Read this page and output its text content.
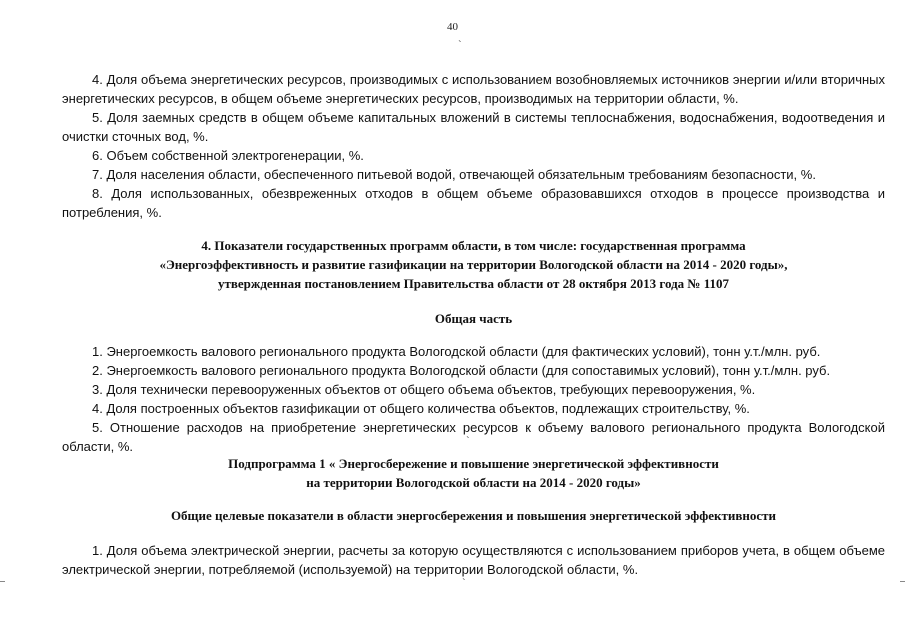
40
`

4. Доля объема энергетических ресурсов, производимых с использованием возобновляемых источников энергии и/или вторичных энергетических ресурсов, в общем объеме энергетических ресурсов, производимых на территории области, %.

5. Доля заемных средств в общем объеме капитальных вложений в системы теплоснабжения, водоснабжения, водоотведения и очистки сточных вод, %.

6. Объем собственной электрогенерации, %.

7. Доля населения области, обеспеченного питьевой водой, отвечающей обязательным требованиям безопасности, %.

8. Доля использованных, обезвреженных отходов в общем объеме образовавшихся отходов в процессе производства и потребления, %.

4. Показатели государственных программ области, в том числе: государственная программа
«Энергоэффективность и развитие газификации на территории Вологодской области на 2014 - 2020 годы»,
утвержденная постановлением Правительства области от 28 октября 2013 года № 1107
Общая часть

1. Энергоемкость валового регионального продукта Вологодской области (для фактических условий), тонн у.т./млн. руб.

2. Энергоемкость валового регионального продукта Вологодской области (для сопоставимых условий), тонн у.т./млн. руб.

3. Доля технически перевооруженных объектов от общего объема объектов, требующих перевооружения, %.

4. Доля построенных объектов газификации от общего количества объектов, подлежащих строительству, %.

5. Отношение расходов на приобретение энергетических ресурсов к объему валового регионального продукта Вологодской области, %.	`
Подпрограмма 1 « Энергосбережение и повышение энергетической эффективности
на территории Вологодской области на 2014 - 2020 годы»
Общие целевые показатели в области энергосбережения и повышения энергетической эффективности

1. Доля объема электрической энергии, расчеты за которую осуществляются с использованием приборов учета, в общем объеме электрической энергии, потребляемой (используемой) на территории Вологодской области, %.

`
